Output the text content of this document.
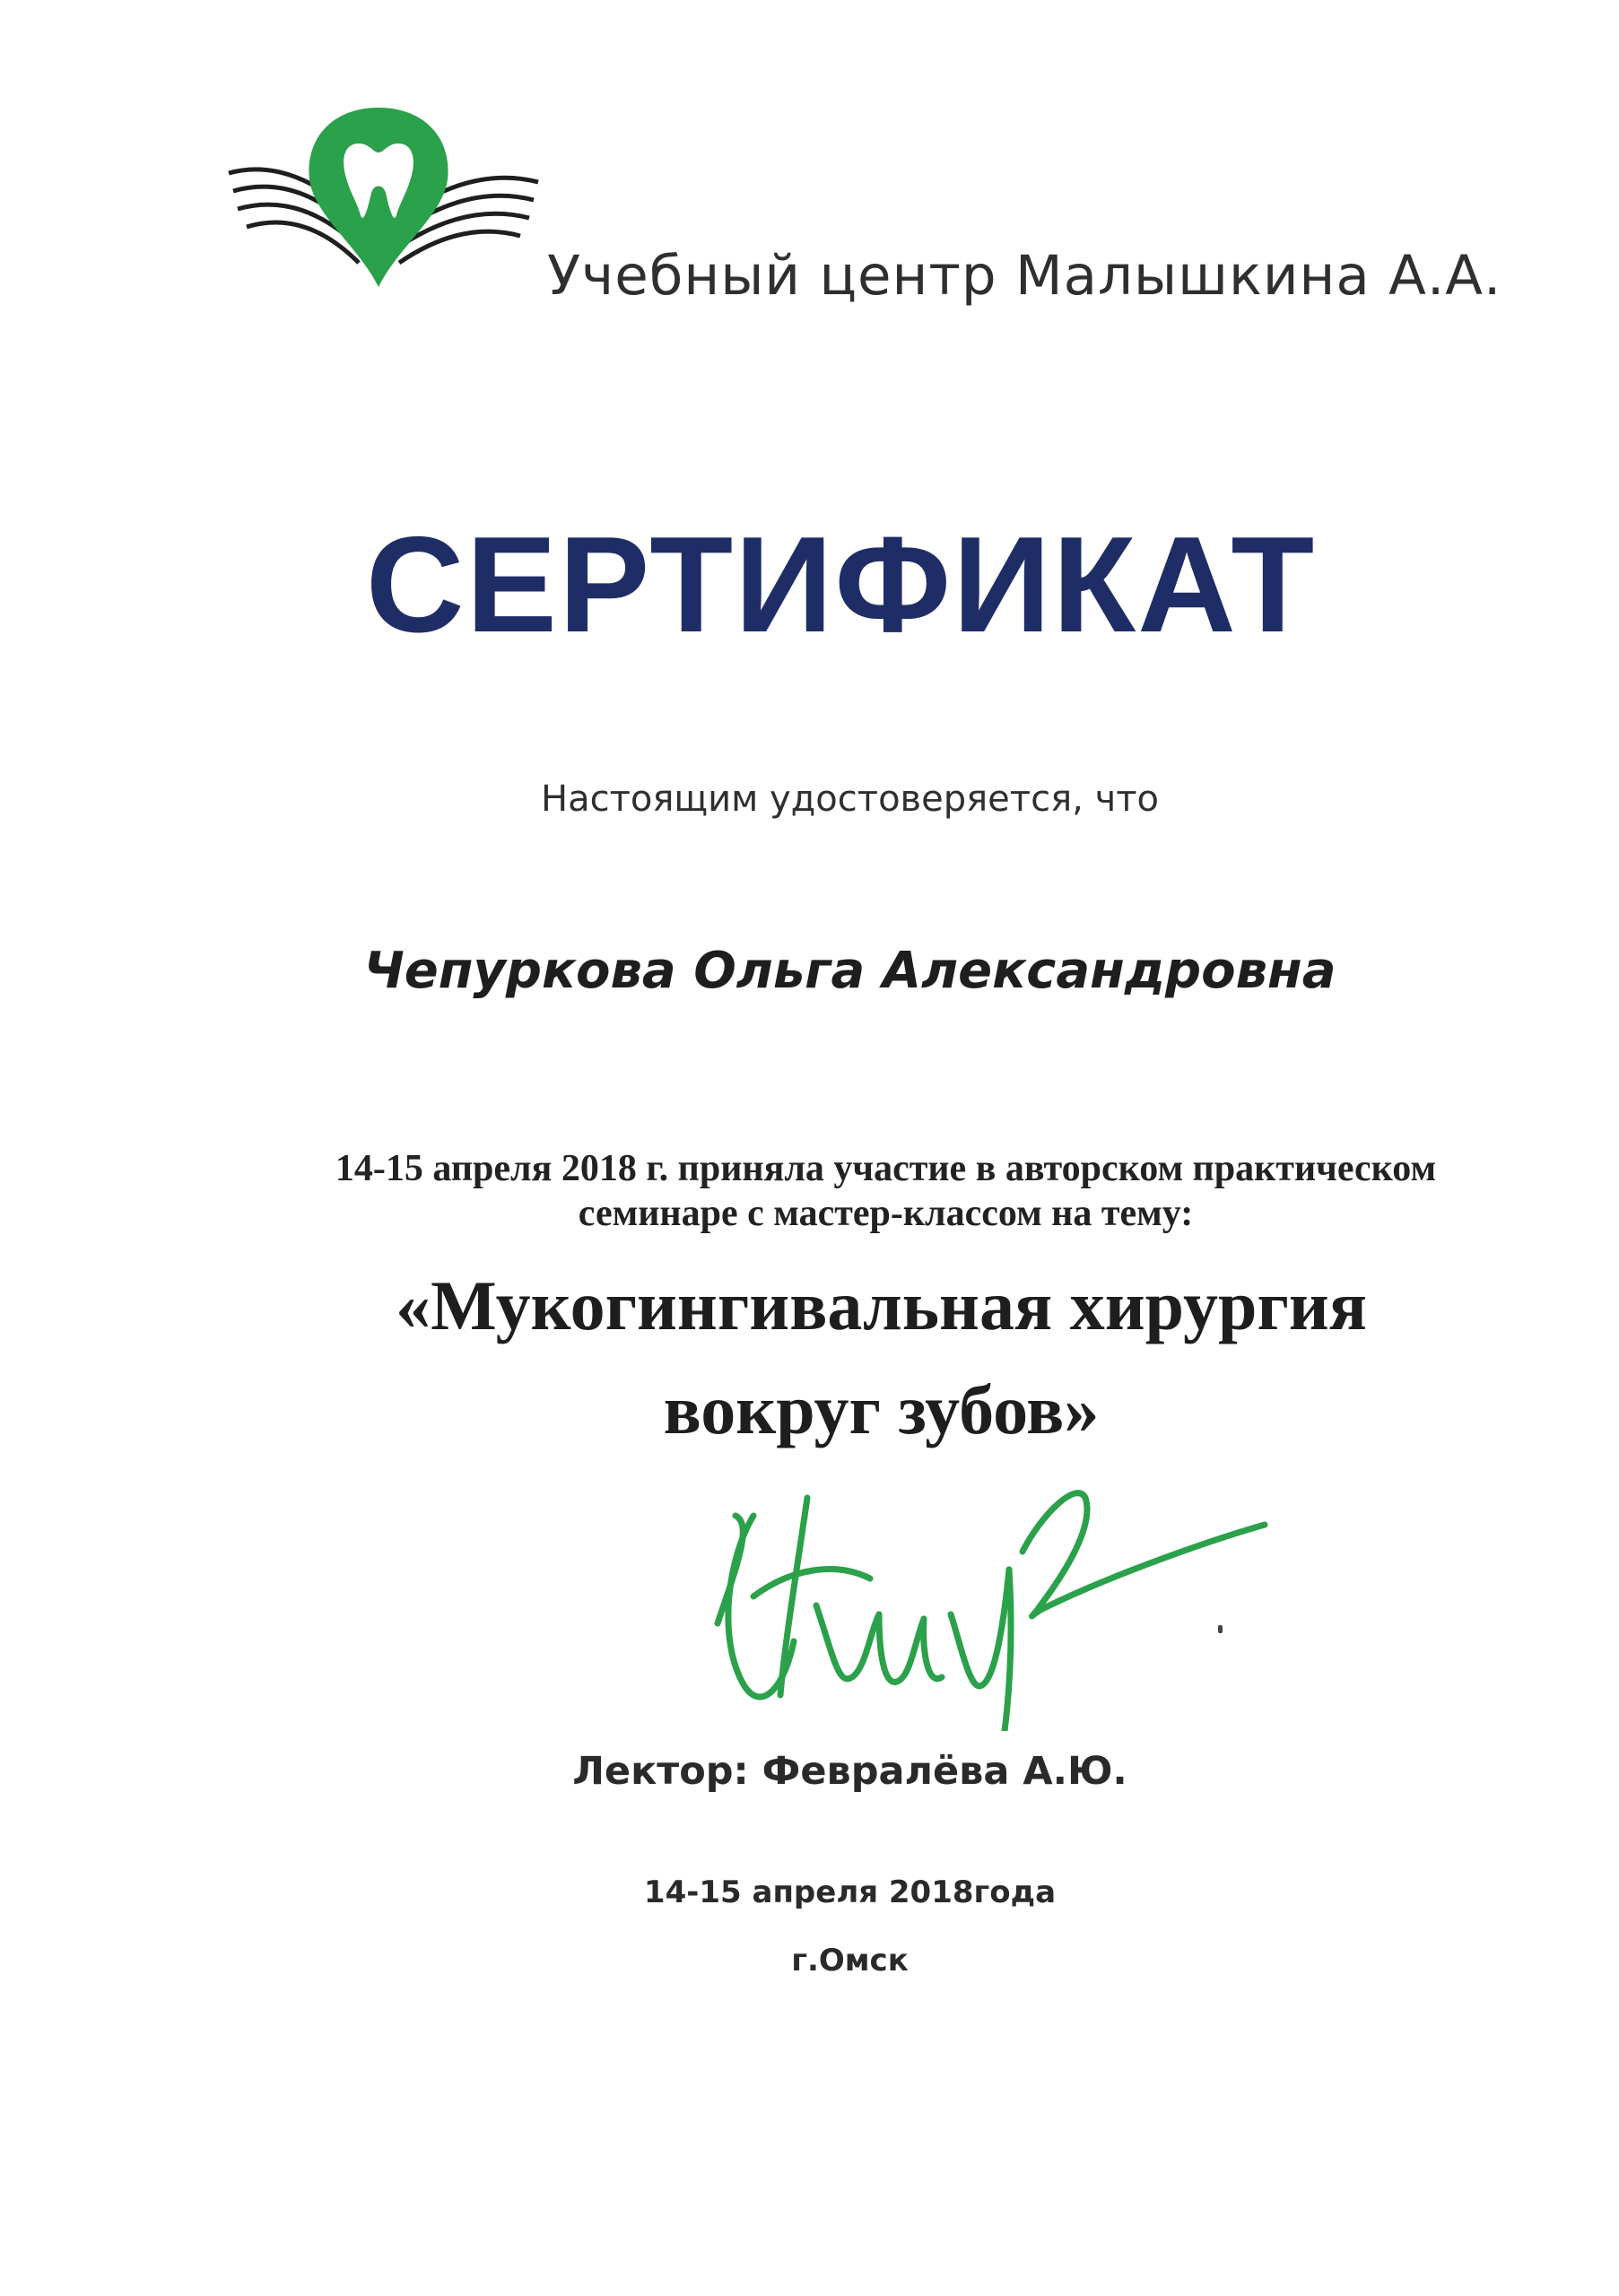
Учебный центр Малышкина А.А.
СЕРТИФИКАТ
Настоящим удостоверяется, что
Чепуркова Ольга Александровна
14-15 апреля 2018 г. приняла участие в авторском практическом
семинаре с мастер-классом на тему:
«Мукогингивальная хирургия
вокруг зубов»
Лектор: Февралёва А.Ю.
14-15 апреля 2018года
г.Омск
